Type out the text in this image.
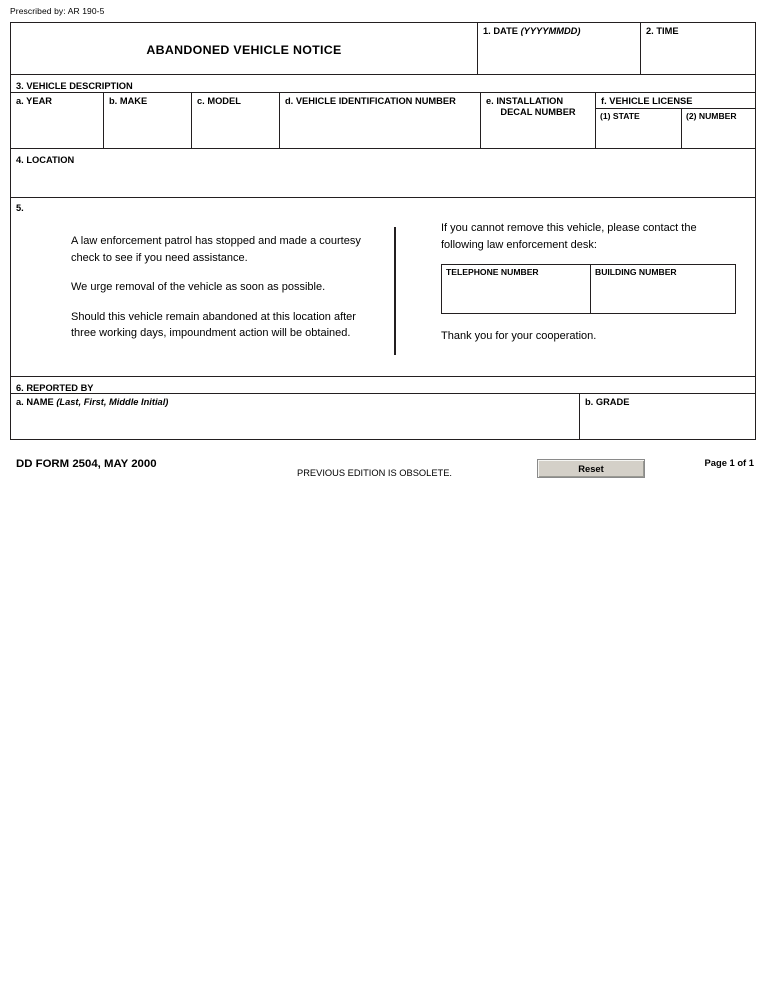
Prescribed by: AR 190-5
ABANDONED VEHICLE NOTICE
1. DATE (YYYYMMDD)	2. TIME
3. VEHICLE DESCRIPTION
a. YEAR	b. MAKE	c. MODEL	d. VEHICLE IDENTIFICATION NUMBER	e. INSTALLATION
DECAL NUMBER
f. VEHICLE LICENSE
(1) STATE	(2) NUMBER
4. LOCATION
5.

A law enforcement patrol has stopped and made a courtesy check to see if you need assistance.

We urge removal of the vehicle as soon as possible.

Should this vehicle remain abandoned at this location after three working days, impoundment action will be obtained.

If you cannot remove this vehicle, please contact the following law enforcement desk:

TELEPHONE NUMBER	BUILDING NUMBER
Thank you for your cooperation.
6. REPORTED BY
a. NAME (Last, First, Middle Initial)	b. GRADE
DD FORM 2504, MAY 2000
PREVIOUS EDITION IS OBSOLETE.	Reset
Page 1 of 1
